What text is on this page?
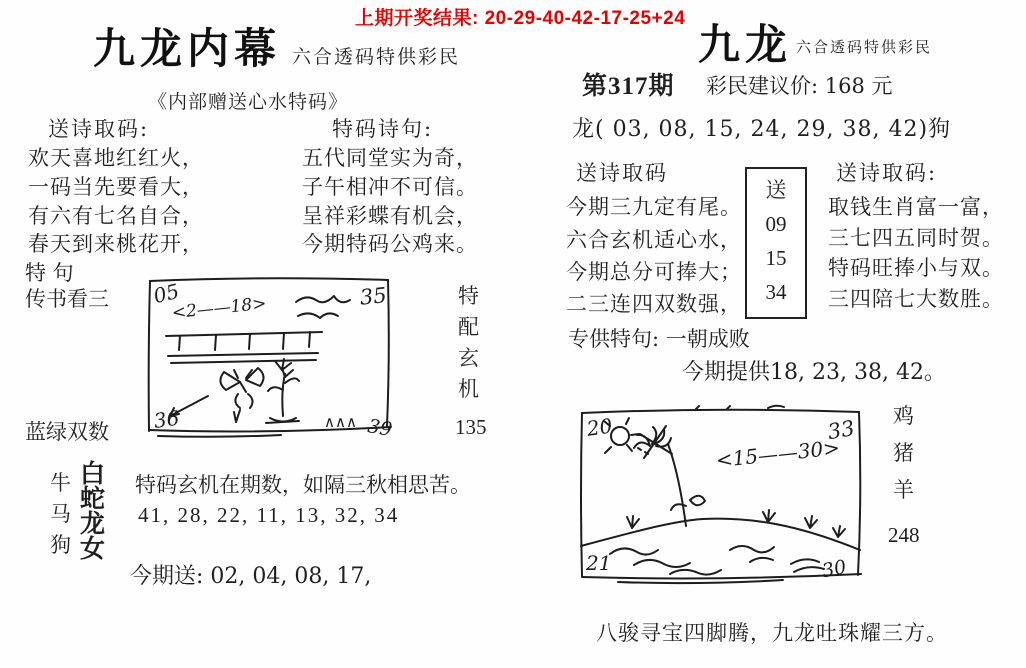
上期开奖结果: 20-29-40-42-17-25+24
九龙内幕 六合透码特供彩民
《内部赠送心水特码》
送诗取码:
欢天喜地红红火，
一码当先要看大，
有六有七名自合，
春天到来桃花开，
特码诗句:
五代同堂实为奇，
子午相冲不可信。
呈祥彩蝶有机会，
今期特码公鸡来。
特 句
传书看三
蓝绿双数
05	35
36	39
∧∧∧
<2——18>	特
配
玄
机
135
牛
马
狗
白
蛇
龙
女
特码玄机在期数，如隔三秋相思苦。
41, 28, 22, 11, 13, 32, 34
今期送: 02, 04, 08, 17,
九龙 六合透码特供彩民
第317期 彩民建议价: 168 元
龙( 03, 08, 15, 24, 29, 38, 42)狗
送诗取码
今期三九定有尾。
六合玄机适心水，
今期总分可捧大；
二三连四双数强，
送
09
15
34
送诗取码:
取钱生肖富一富，
三七四五同时贺。
特码旺捧小与双。
三四陪七大数胜。
专供特句: 一朝成败
今期提供18, 23, 38, 42。
20	33
21	30
<15——30>
鸡
猪
羊
248
八骏寻宝四脚腾，九龙吐珠耀三方。
